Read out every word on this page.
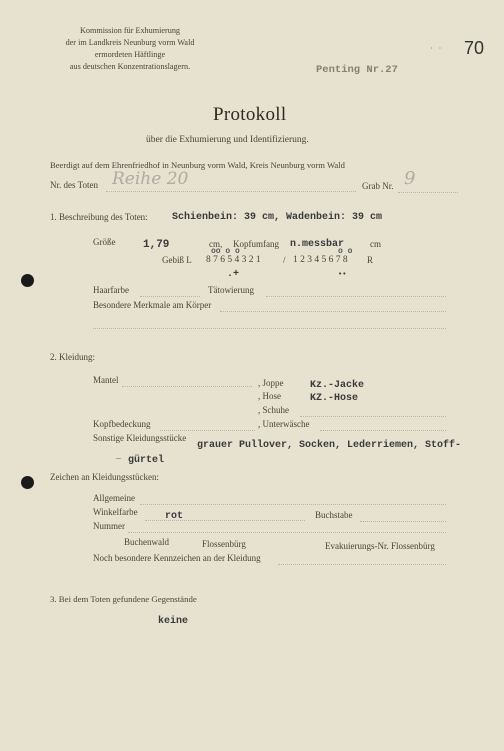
Kommission für Exhumierung
der im Landkreis Neunburg vorm Wald
ermordeten Häftlinge
aus deutschen Konzentrationslagern.
70
· ·
Penting Nr.27
Protokoll
über die Exhumierung und Identifizierung.
Beerdigt auf dem Ehrenfriedhof in Neunburg vorm Wald, Kreis Neunburg vorm Wald
Nr. des Toten Reihe 20	Grab Nr. 9
1. Beschreibung des Toten: Schienbein: 39 cm, Wadenbein: 39 cm
Größe	1,79	cm, Kopfumfang n.messbar	cm
oo o o	o o
Gebiß L 8 7 6 5 4 3 2 1 / 1 2 3 4 5 6 7 8 R
.+	••
Haarfarbe	Tätowierung
Besondere Merkmale am Körper
2. Kleidung:
Mantel	, Joppe	Kz.-Jacke
, Hose	KZ.-Hose
, Schuhe
Kopfbedeckung	, Unterwäsche
Sonstige Kleidungsstücke
grauer Pullover, Socken, Lederriemen, Stoff-
– gürtel
Zeichen an Kleidungsstücken:
Allgemeine
Winkelfarbe	rot	Buchstabe
Nummer
Buchenwald	Flossenbürg	Evakuierungs-Nr. Flossenbürg
Noch besondere Kennzeichen an der Kleidung
3. Bei dem Toten gefundene Gegenstände
keine
